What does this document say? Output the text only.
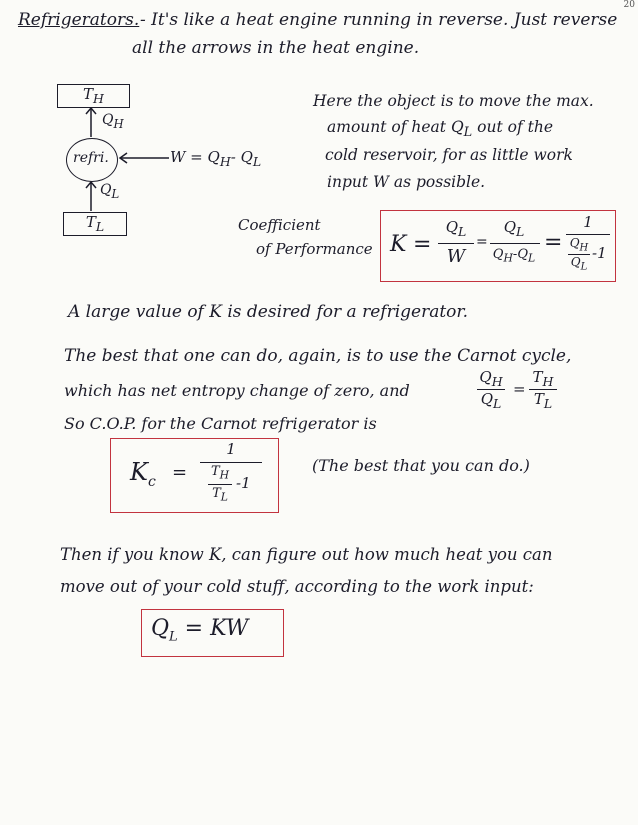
20
Refrigerators. - It's like a heat engine running in reverse. Just reverse
all the arrows in the heat engine.
$T_H$
$Q_H$
refri.	$W = Q_H-$ $Q_L$
$Q_L$
$T_L$
Here the object is to move the max.
amount of heat $Q_L$ out of the
cold reservoir, for as little work
input W as possible.
Coefficient
of Performance K =
$Q_L$
W
=
$Q_L$
$Q_H-Q_L$
=
1
$Q_H$
$Q_L$
-1
A large value of K is desired for a refrigerator.
The best that one can do, again, is to use the Carnot cycle,
which has net entropy change of zero, and
$Q_H$
$Q_L$
=
$T_H$
$T_L$
So C.O.P. for the Carnot refrigerator is
$K_c$ =
1
$T_H$
$T_L$
-1
(The best that you can do.)
Then if you know K, can figure out how much heat you can
move out of your cold stuff, according to the work input:
$Q_L$ = KW
